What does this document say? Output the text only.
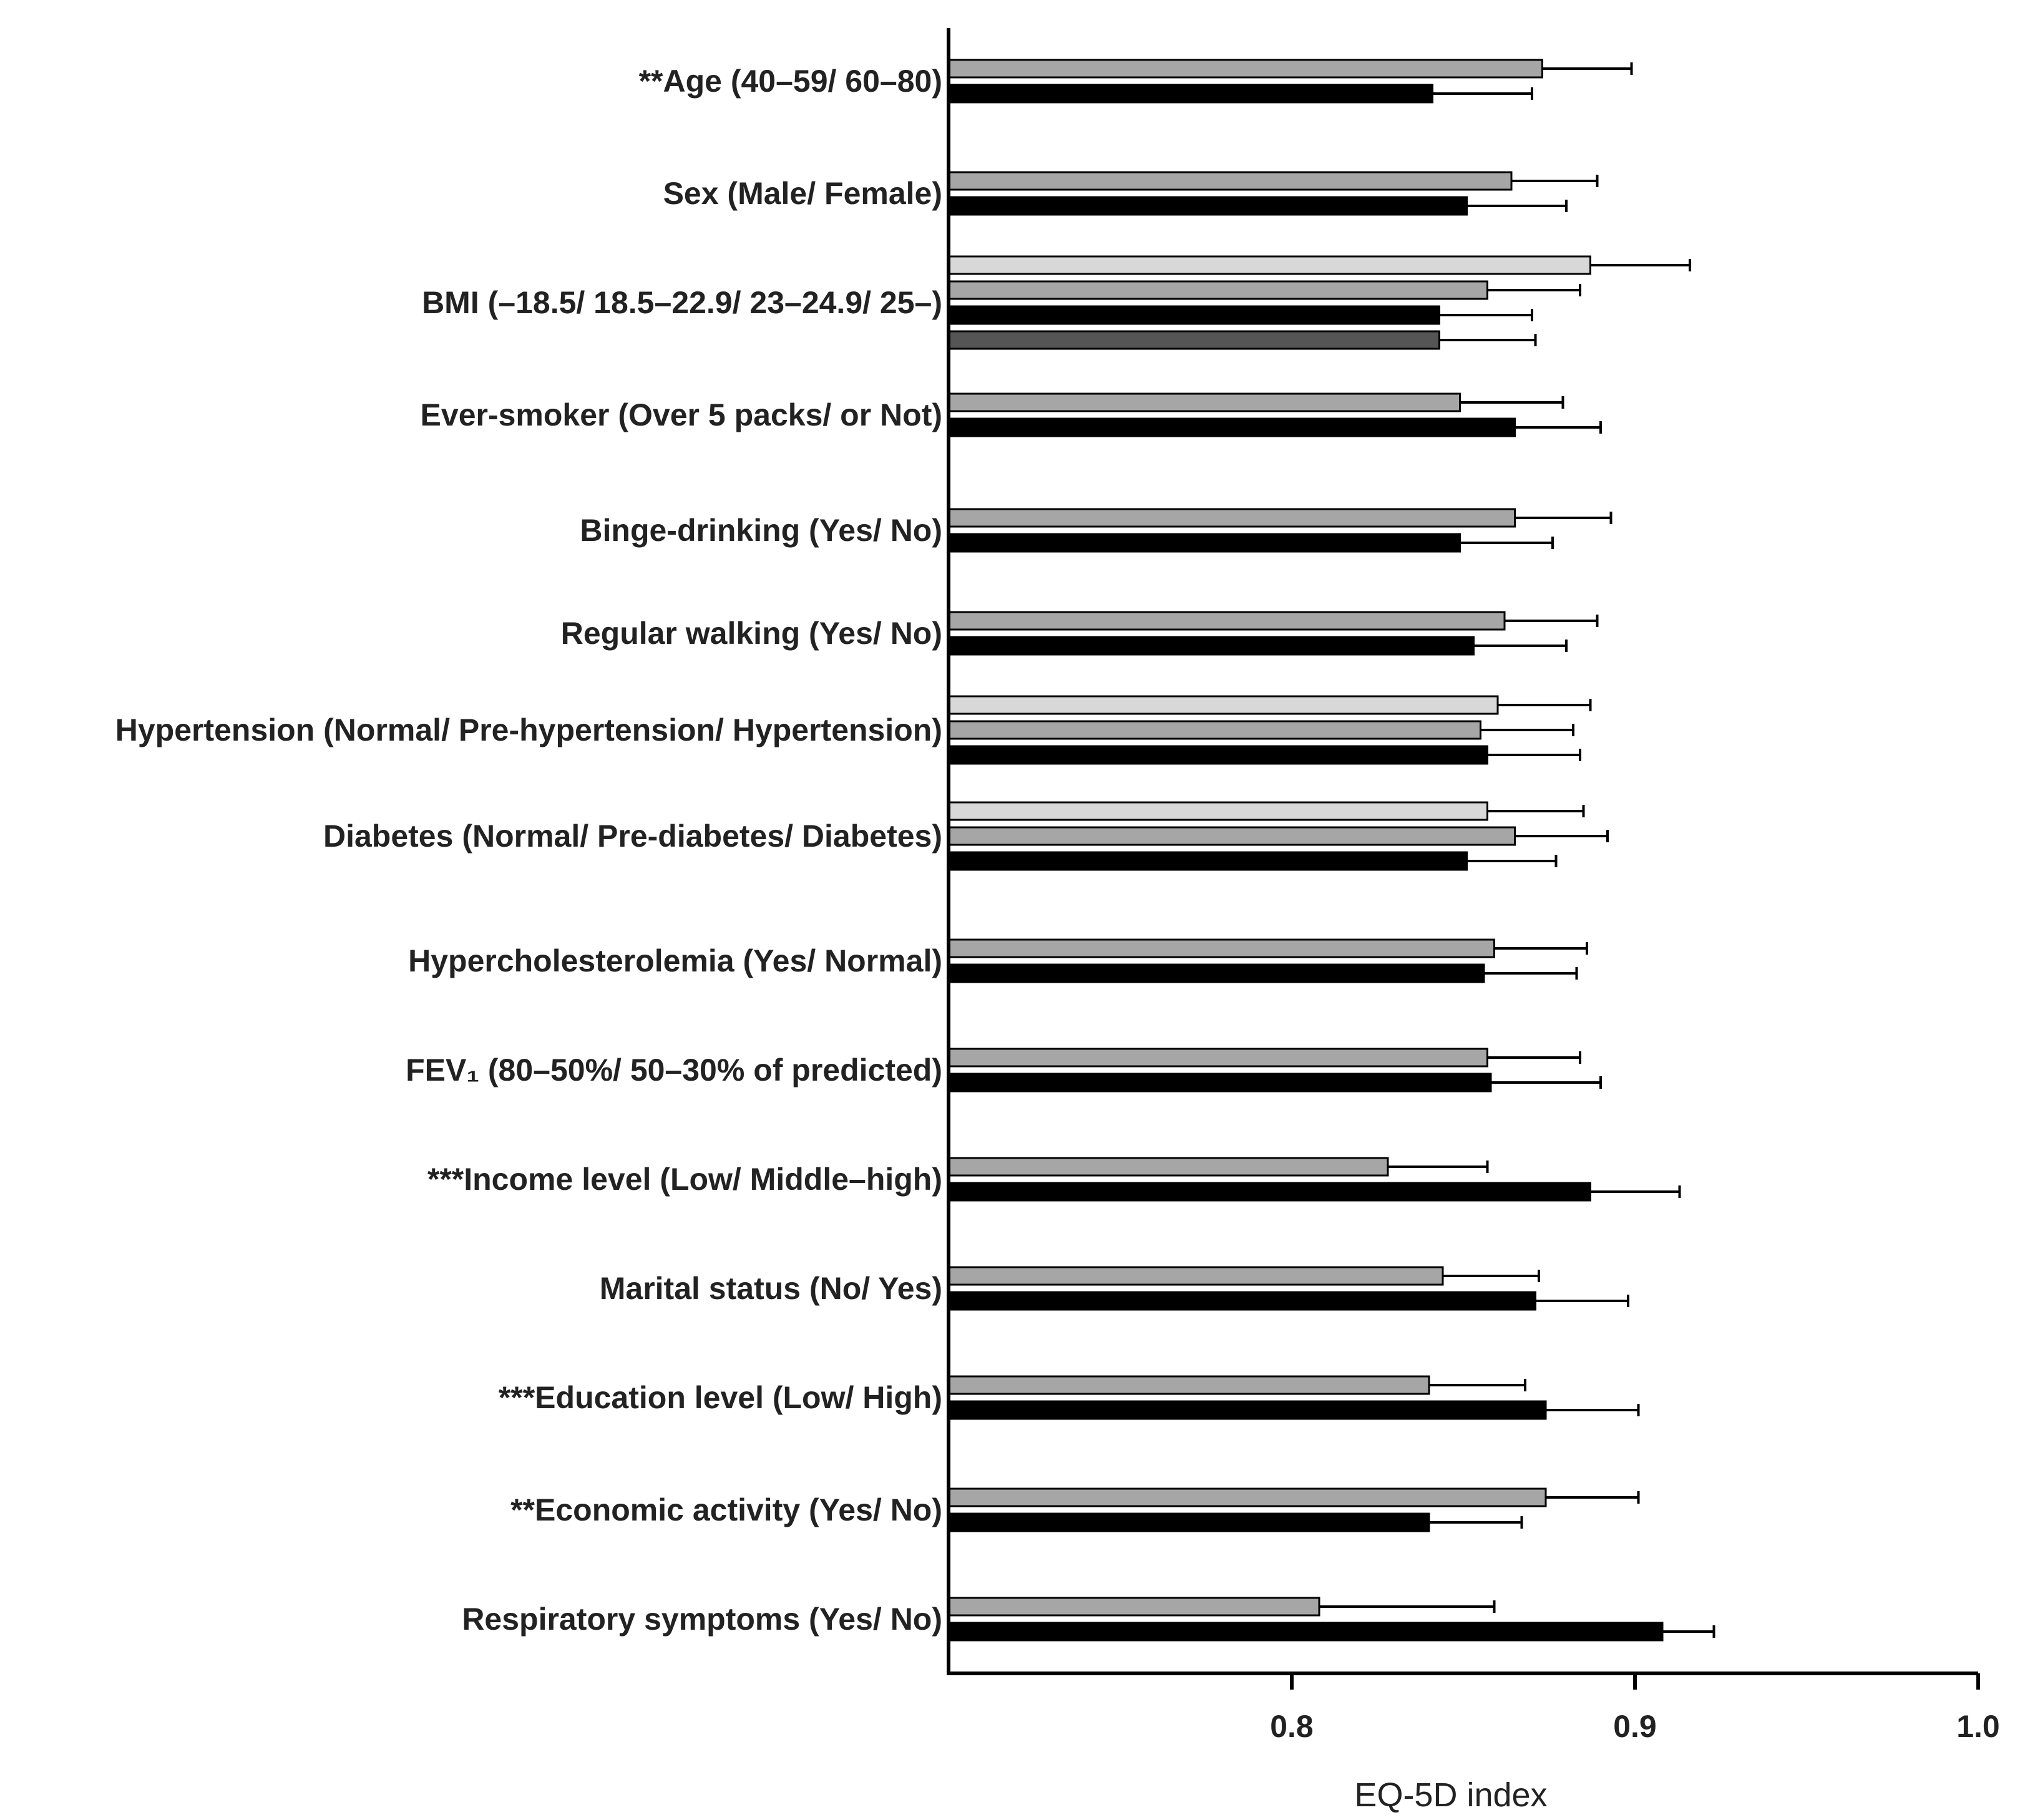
**Age (40–59/ 60–80)
Sex (Male/ Female)
BMI (–18.5/ 18.5–22.9/ 23–24.9/ 25–)
Ever-smoker (Over 5 packs/ or Not)
Binge-drinking (Yes/ No)
Regular walking (Yes/ No)
Hypertension (Normal/ Pre-hypertension/ Hypertension)
Diabetes (Normal/ Pre-diabetes/ Diabetes)
Hypercholesterolemia (Yes/ Normal)
FEV₁ (80–50%/ 50–30% of predicted)
***Income level (Low/ Middle–high)
Marital status (No/ Yes)
***Education level (Low/ High)
**Economic activity (Yes/ No)
Respiratory symptoms (Yes/ No)
0.8	0.9	1.0
EQ-5D index
